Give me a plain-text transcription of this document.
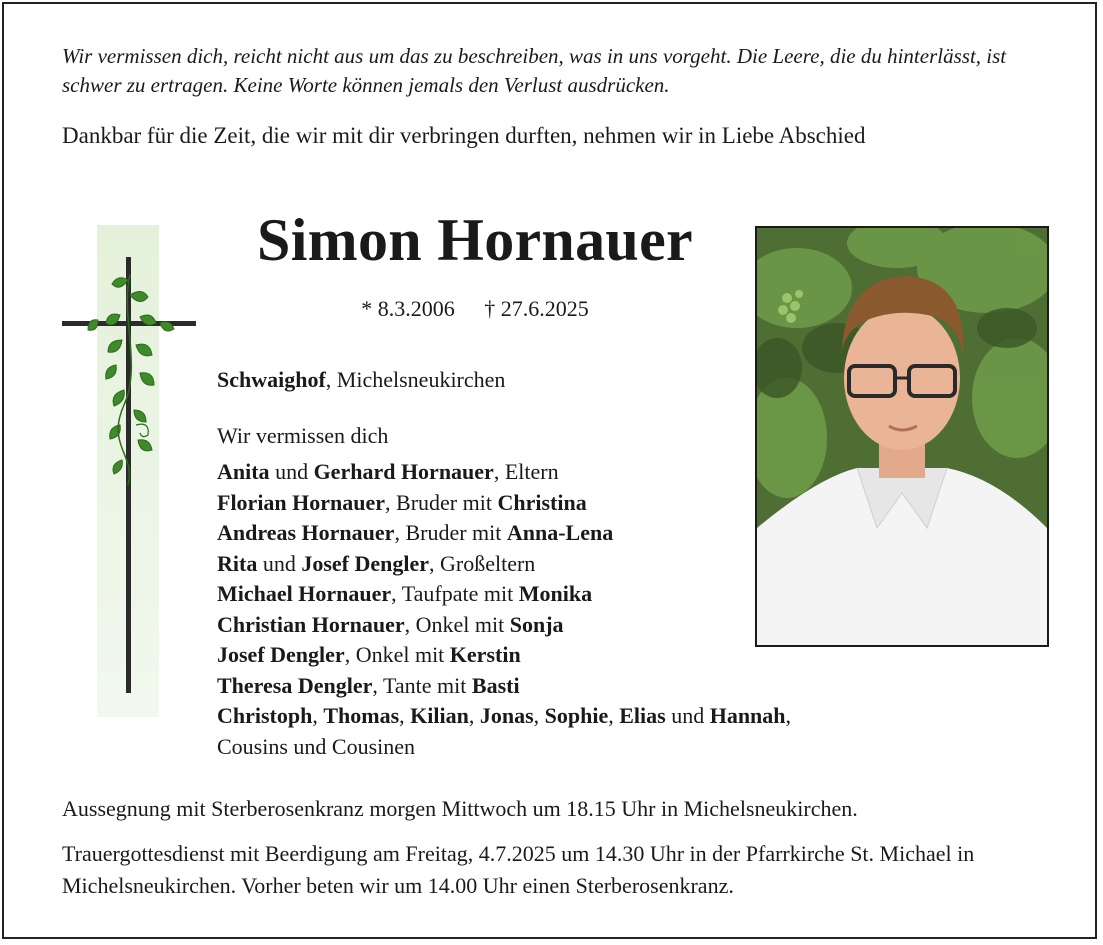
Wir vermissen dich, reicht nicht aus um das zu beschreiben, was in uns vorgeht. Die Leere, die du hinterlässt, ist schwer zu ertragen. Keine Worte können jemals den Verlust ausdrücken.

Dankbar für die Zeit, die wir mit dir verbringen durften, nehmen wir in Liebe Abschied

Simon Hornauer
* 8.3.2006 † 27.6.2025
Schwaighof, Michelsneukirchen
Wir vermissen dich
Anita und Gerhard Hornauer, Eltern
Florian Hornauer, Bruder mit Christina
Andreas Hornauer, Bruder mit Anna-Lena
Rita und Josef Dengler, Großeltern
Michael Hornauer, Taufpate mit Monika
Christian Hornauer, Onkel mit Sonja
Josef Dengler, Onkel mit Kerstin
Theresa Dengler, Tante mit Basti
Christoph, Thomas, Kilian, Jonas, Sophie, Elias und Hannah,
Cousins und Cousinen
Aussegnung mit Sterberosenkranz morgen Mittwoch um 18.15 Uhr in Michelsneukirchen.
Trauergottesdienst mit Beerdigung am Freitag, 4.7.2025 um 14.30 Uhr in der Pfarrkirche St. Michael in Michelsneukirchen. Vorher beten wir um 14.00 Uhr einen Sterberosenkranz.
